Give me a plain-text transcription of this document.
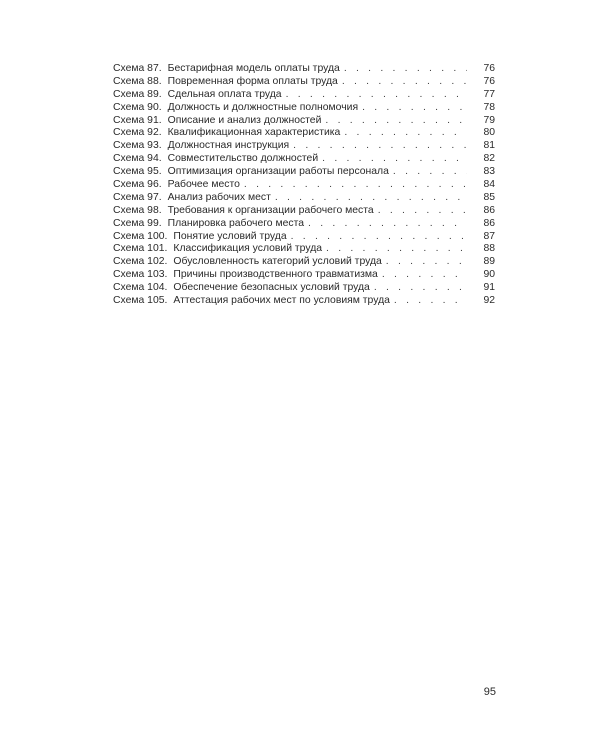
Схема 87. Бестарифная модель оплаты труда . . .	76
Схема 88. Повременная форма оплаты труда . . .	76
Схема 89. Сдельная оплата труда . . .	77
Схема 90. Должность и должностные полномочия . . .	78
Схема 91. Описание и анализ должностей . . .	79
Схема 92. Квалификационная характеристика . . .	80
Схема 93. Должностная инструкция . . .	81
Схема 94. Совместительство должностей . . .	82
Схема 95. Оптимизация организации работы персонала . . .	83
Схема 96. Рабочее место . . .	84
Схема 97. Анализ рабочих мест . . .	85
Схема 98. Требования к организации рабочего места . . .	86
Схема 99. Планировка рабочего места . . .	86
Схема 100. Понятие условий труда . . .	87
Схема 101. Классификация условий труда . . .	88
Схема 102. Обусловленность категорий условий труда . . .	89
Схема 103. Причины производственного травматизма . . .	90
Схема 104. Обеспечение безопасных условий труда . . .	91
Схема 105. Аттестация рабочих мест по условиям труда . . .	92
95
